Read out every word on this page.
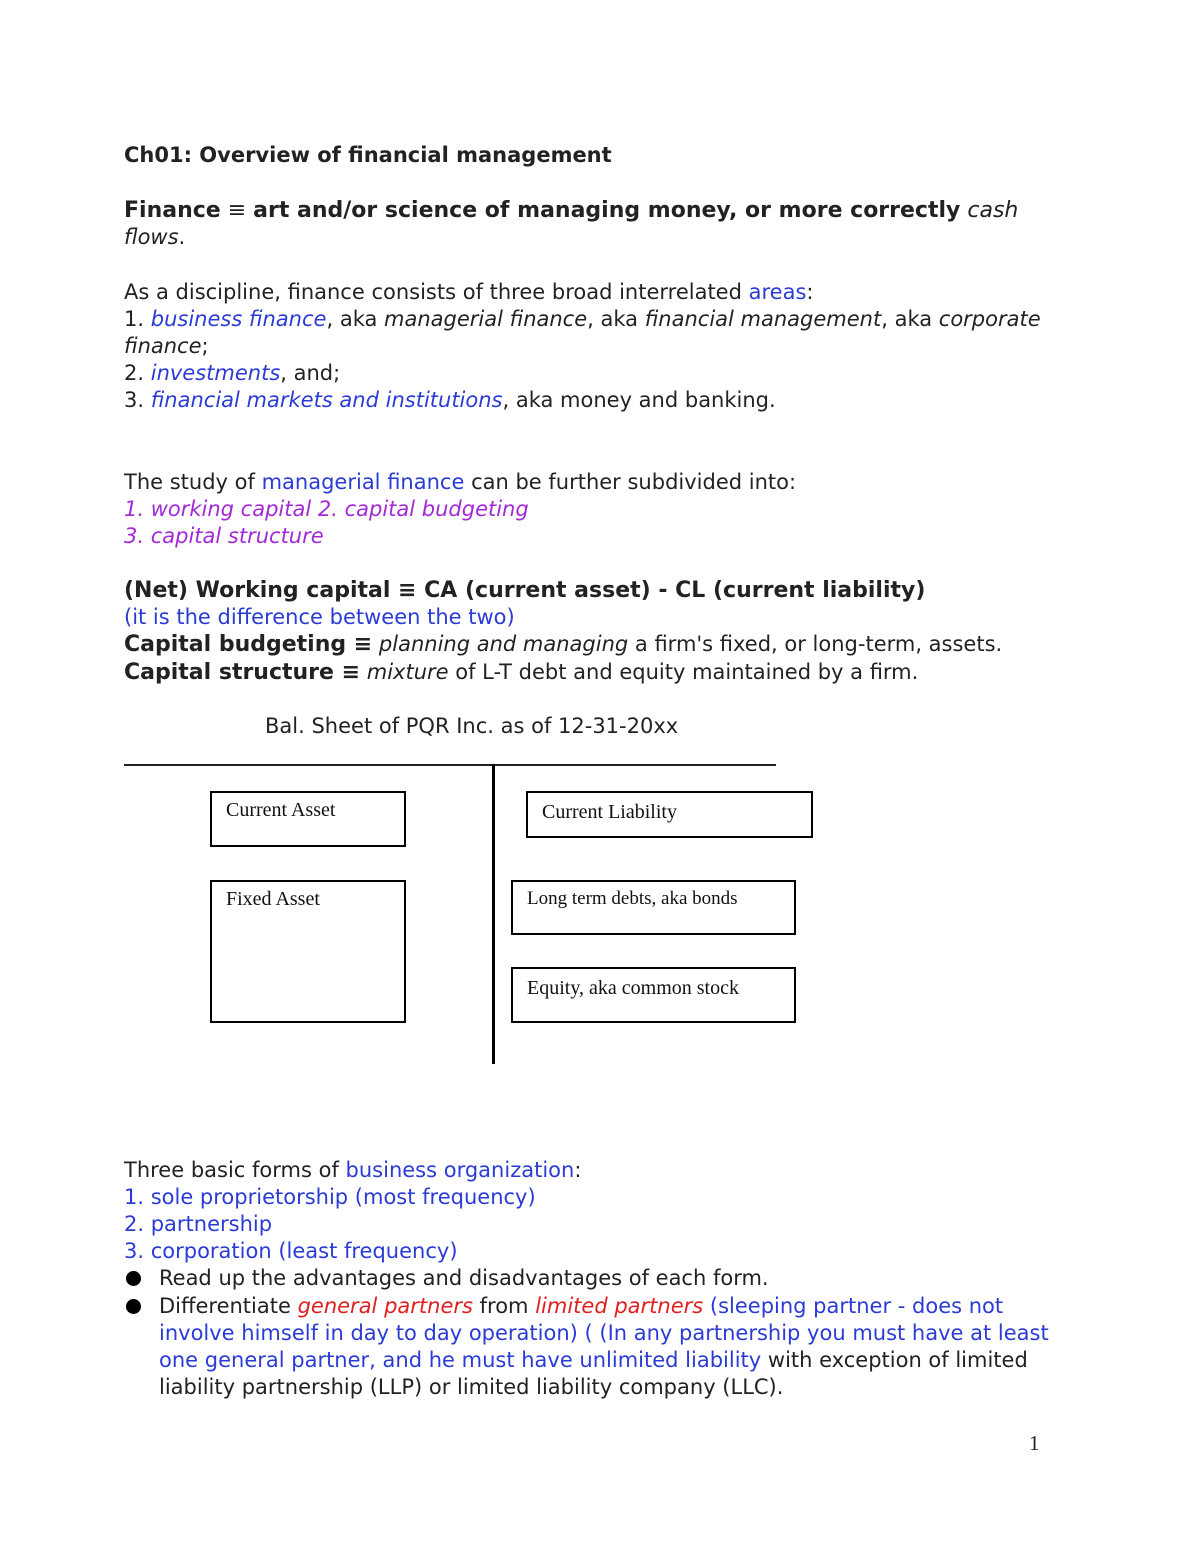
Ch01: Overview of financial management
Finance ≡ art and/or science of managing money, or more correctly cash
flows.
As a discipline, finance consists of three broad interrelated areas:
1. business finance, aka managerial finance, aka financial management, aka corporate
finance;
2. investments, and;
3. financial markets and institutions, aka money and banking.
The study of managerial finance can be further subdivided into:
1. working capital 2. capital budgeting
3. capital structure
(Net) Working capital ≡ CA (current asset) - CL (current liability)
(it is the difference between the two)
Capital budgeting ≡ planning and managing a firm's fixed, or long-term, assets.
Capital structure ≡ mixture of L-T debt and equity maintained by a firm.
Bal. Sheet of PQR Inc. as of 12-31-20xx
Current Asset
Fixed Asset
Current Liability
Long term debts, aka bonds
Equity, aka common stock
Three basic forms of business organization:
1. sole proprietorship (most frequency)
2. partnership
3. corporation (least frequency)
Read up the advantages and disadvantages of each form.
Differentiate general partners from limited partners (sleeping partner - does not
involve himself in day to day operation) ( (In any partnership you must have at least
one general partner, and he must have unlimited liability with exception of limited
liability partnership (LLP) or limited liability company (LLC).
1
